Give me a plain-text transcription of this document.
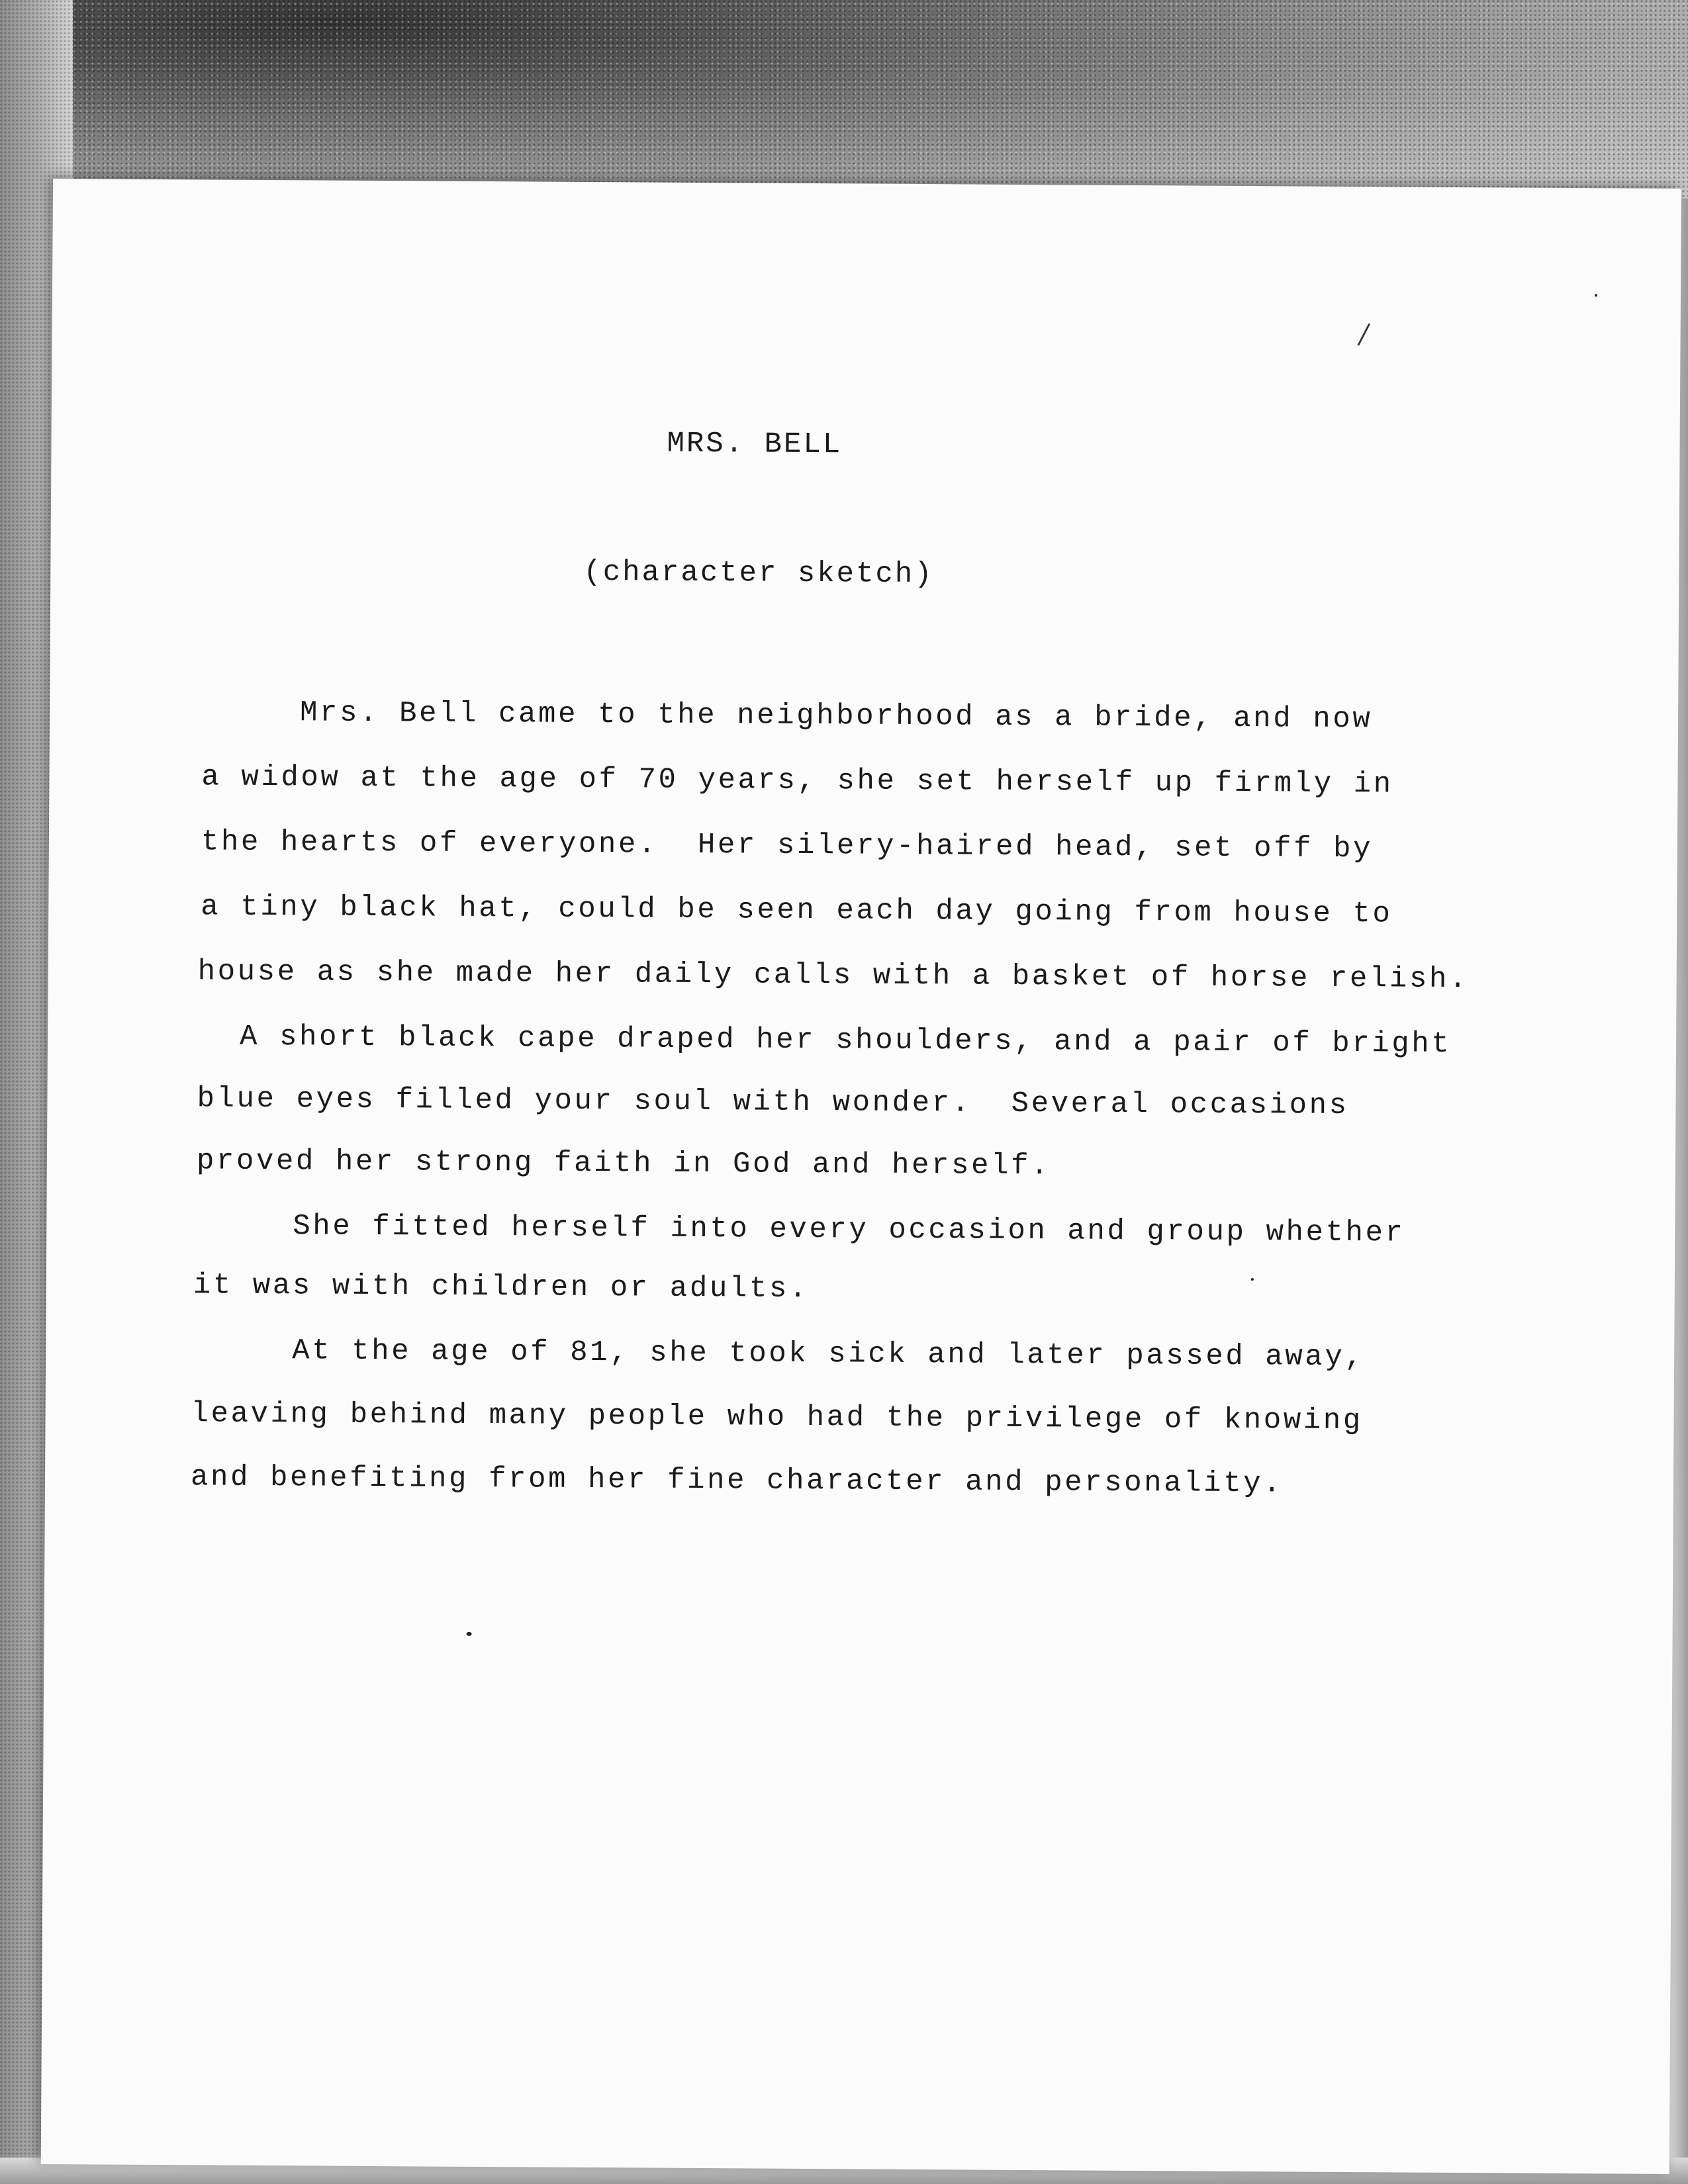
/
MRS. BELL
(character sketch)
Mrs. Bell came to the neighborhood as a bride, and now
a widow at the age of 70 years, she set herself up firmly in
the hearts of everyone.  Her silery-haired head, set off by
a tiny black hat, could be seen each day going from house to
house as she made her daily calls with a basket of horse relish.
A short black cape draped her shoulders, and a pair of bright
blue eyes filled your soul with wonder.  Several occasions
proved her strong faith in God and herself.
She fitted herself into every occasion and group whether
it was with children or adults.
At the age of 81, she took sick and later passed away,
leaving behind many people who had the privilege of knowing
and benefiting from her fine character and personality.
